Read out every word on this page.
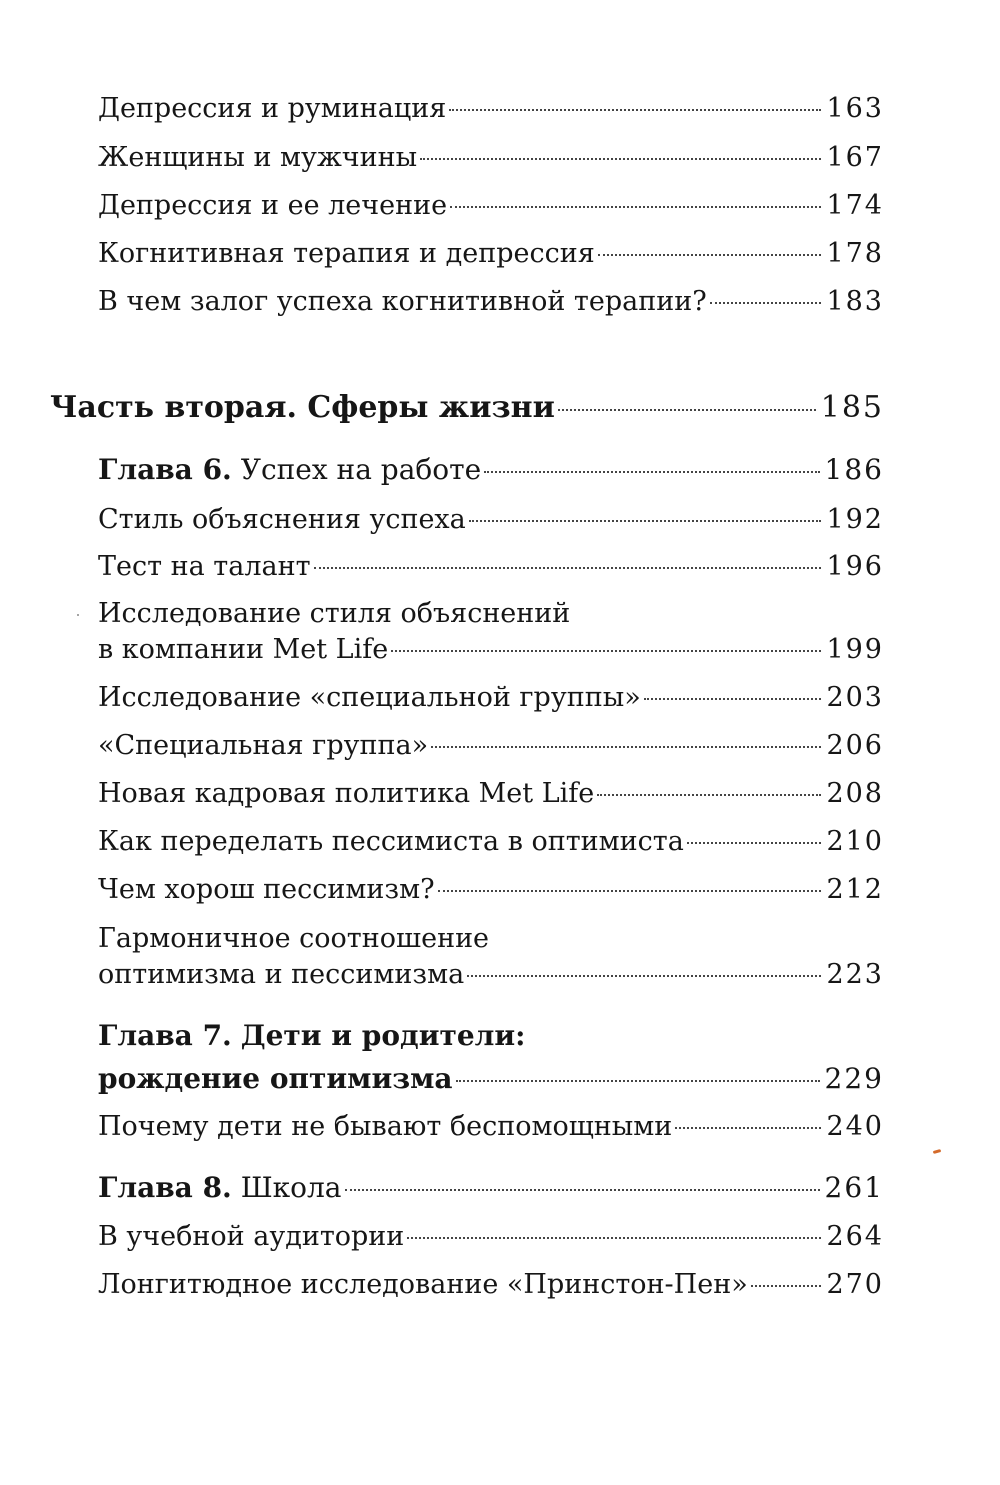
Депрессия и руминация	163
Женщины и мужчины	167
Депрессия и ее лечение	174
Когнитивная терапия и депрессия	178
В чем залог успеха когнитивной терапии?	183
Часть вторая. Сферы жизни	185
Глава 6. Успех на работе	186
Стиль объяснения успеха	192
Тест на талант	196
Исследование стиля объяснений
в компании Met Life	199
Исследование «специальной группы»	203
«Специальная группа»	206
Новая кадровая политика Met Life	208
Как переделать пессимиста в оптимиста	210
Чем хорош пессимизм?	212
Гармоничное соотношение
оптимизма и пессимизма	223
Глава 7. Дети и родители:
рождение оптимизма	229
Почему дети не бывают беспомощными	240
Глава 8. Школа	261
В учебной аудитории	264
Лонгитюдное исследование «Принстон-Пен»	270
